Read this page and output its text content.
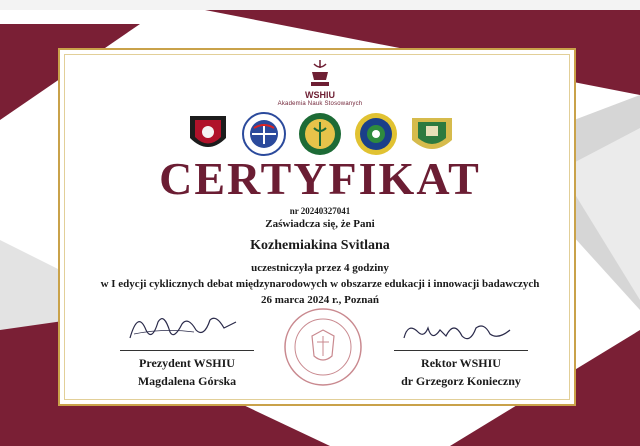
WSHIU
Akademia Nauk Stosowanych
CERTYFIKAT
nr 20240327041
Zaświadcza się, że Pani
Kozhemiakina Svitlana
uczestniczyła przez 4 godziny
w I edycji cyklicznych debat międzynarodowych w obszarze edukacji i innowacji badawczych
26 marca 2024 r., Poznań
Prezydent WSHIU
Magdalena Górska
Rektor WSHIU
dr Grzegorz Konieczny
